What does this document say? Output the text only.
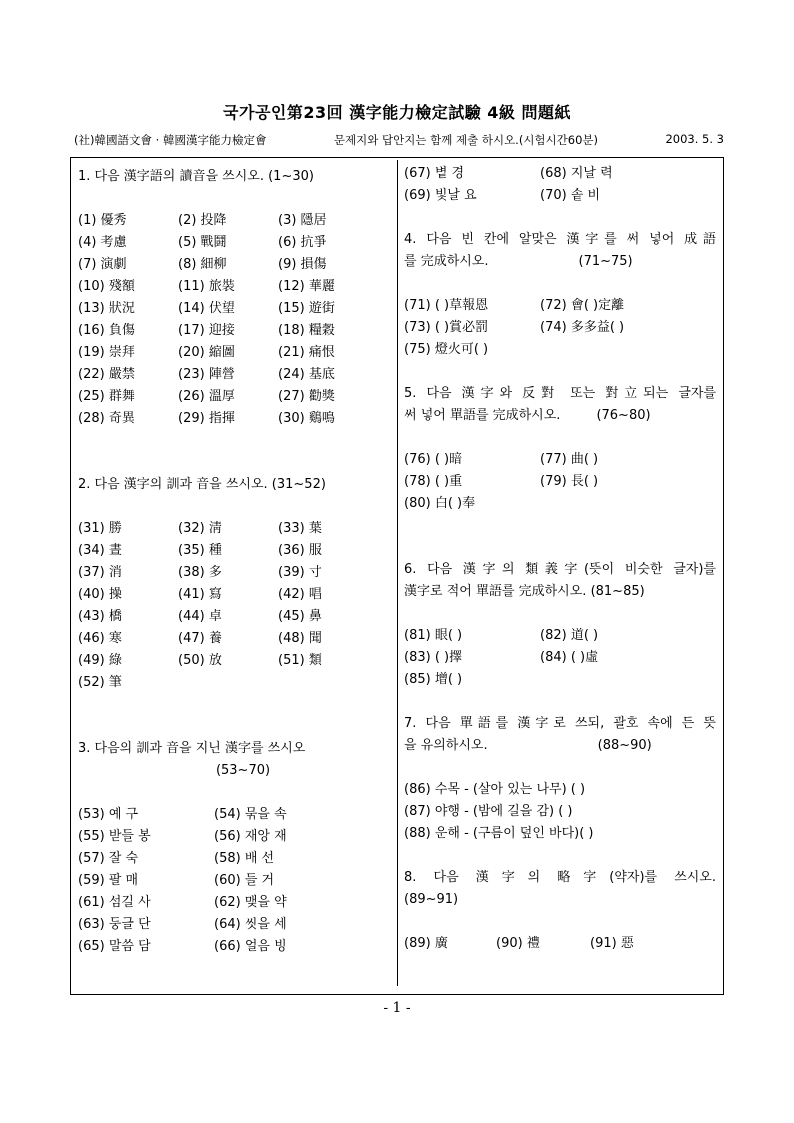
국가공인第23回 漢字能力檢定試驗 4級 問題紙
(社)韓國語文會 · 韓國漢字能力檢定會	문제지와 답안지는 함께 제출 하시오.(시험시간60분)	2003. 5. 3
1. 다음 漢字語의 讀音을 쓰시오. (1~30)
(1) 優秀	(2) 投降	(3) 隱居
(4) 考慮	(5) 戰鬪	(6) 抗爭
(7) 演劇	(8) 細柳	(9) 損傷
(10) 殘額	(11) 旅裝	(12) 華麗
(13) 狀況	(14) 伏望	(15) 遊街
(16) 負傷	(17) 迎接	(18) 糧穀
(19) 崇拜	(20) 縮圖	(21) 痛恨
(22) 嚴禁	(23) 陣營	(24) 基底
(25) 群舞	(26) 溫厚	(27) 勸獎
(28) 奇異	(29) 指揮	(30) 鷄鳴
2. 다음 漢字의 訓과 音을 쓰시오. (31~52)
(31) 勝	(32) 淸	(33) 葉
(34) 晝	(35) 種	(36) 服
(37) 消	(38) 多	(39) 寸
(40) 操	(41) 寫	(42) 唱
(43) 橋	(44) 卓	(45) 鼻
(46) 寒	(47) 養	(48) 聞
(49) 綠	(50) 放	(51) 類
(52) 筆
3. 다음의 訓과 音을 지닌 漢字를 쓰시오
(53~70)
(53) 예 구	(54) 묶을 속
(55) 받들 봉	(56) 재앙 재
(57) 잘 숙	(58) 배 선
(59) 팔 매	(60) 들 거
(61) 섬길 사	(62) 맺을 약
(63) 둥글 단	(64) 씻을 세
(65) 말씀 담	(66) 얼음 빙
(67) 볕 경	(68) 지날 력
(69) 빛날 요	(70) 솥 비
4. 다음 빈 칸에 알맞은 漢字를 써 넣어 成語
를 完成하시오.	(71~75)
(71) ( )草報恩	(72) 會( )定離
(73) ( )賞必罰	(74) 多多益( )
(75) 燈火可( )
5. 다음 漢字와 反對 또는 對立되는 글자를
써 넣어 單語를 完成하시오.	(76~80)
(76) ( )暗	(77) 曲( )
(78) ( )重	(79) 長( )
(80) 白( )奉
6. 다음 漢字의 類義字(뜻이 비슷한 글자)를
漢字로 적어 單語를 完成하시오. (81~85)
(81) 眼( )	(82) 道( )
(83) ( )擇	(84) ( )虛
(85) 增( )
7. 다음 單語를 漢字로 쓰되, 괄호 속에 든 뜻
을 유의하시오.	(88~90)
(86) 수목 - (살아 있는 나무) ( )
(87) 야행 - (밤에 길을 감) ( )
(88) 운해 - (구름이 덮인 바다)( )
8. 다음 漢字의 略字(약자)를 쓰시오.
(89~91)
(89) 廣	(90) 禮	(91) 惡
- 1 -
